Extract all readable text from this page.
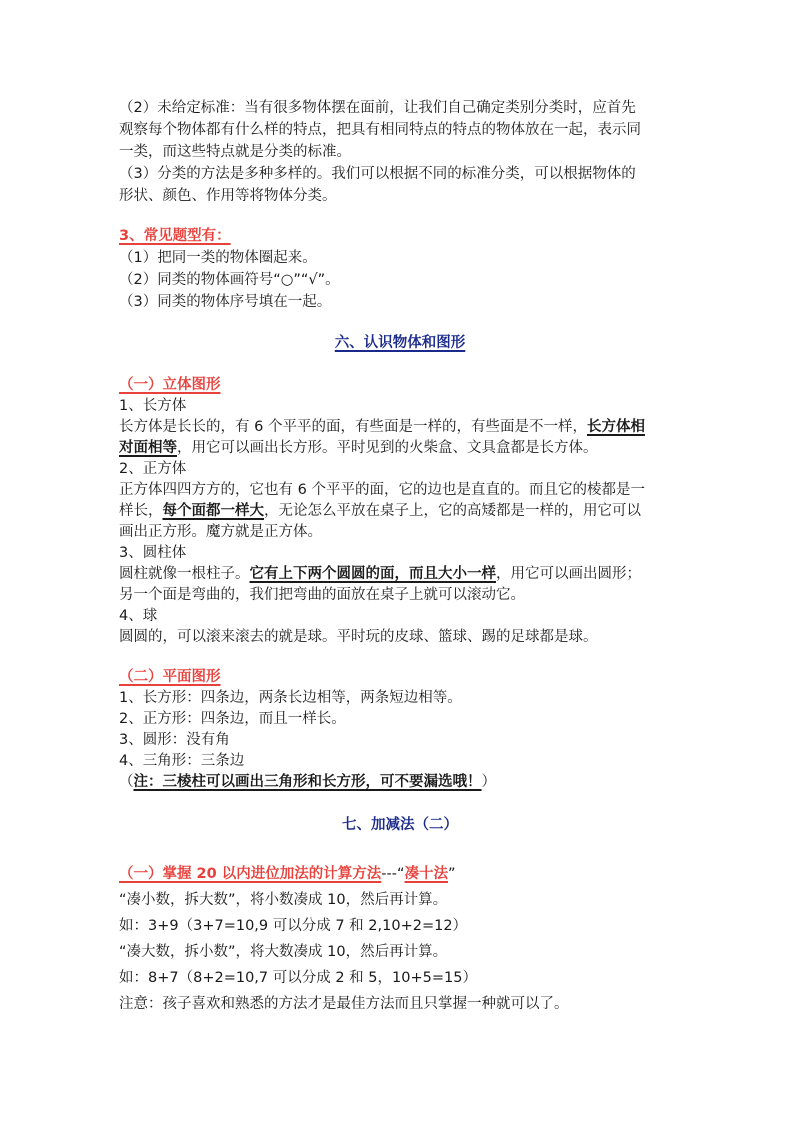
（2）未给定标准：当有很多物体摆在面前，让我们自己确定类别分类时，应首先
观察每个物体都有什么样的特点，把具有相同特点的特点的物体放在一起，表示同
一类，而这些特点就是分类的标准。
（3）分类的方法是多种多样的。我们可以根据不同的标准分类，可以根据物体的
形状、颜色、作用等将物体分类。
3、常见题型有：
（1）把同一类的物体圈起来。
（2）同类的物体画符号“○”“√”。
（3）同类的物体序号填在一起。
六、认识物体和图形
（一）立体图形
1、长方体
长方体是长长的，有 6 个平平的面，有些面是一样的，有些面是不一样，长方体相
对面相等，用它可以画出长方形。平时见到的火柴盒、文具盒都是长方体。
2、正方体
正方体四四方方的，它也有 6 个平平的面，它的边也是直直的。而且它的棱都是一
样长，每个面都一样大，无论怎么平放在桌子上，它的高矮都是一样的，用它可以
画出正方形。魔方就是正方体。
3、圆柱体
圆柱就像一根柱子。它有上下两个圆圆的面，而且大小一样，用它可以画出圆形；
另一个面是弯曲的，我们把弯曲的面放在桌子上就可以滚动它。
4、球
圆圆的，可以滚来滚去的就是球。平时玩的皮球、篮球、踢的足球都是球。
（二）平面图形
1、长方形：四条边，两条长边相等，两条短边相等。
2、正方形：四条边，而且一样长。
3、圆形：没有角
4、三角形：三条边
（注：三棱柱可以画出三角形和长方形，可不要漏选哦！）
七、加减法（二）
（一）掌握 20 以内进位加法的计算方法---“凑十法”
“凑小数，拆大数”，将小数凑成 10，然后再计算。
如：3+9（3+7=10,9 可以分成 7 和 2,10+2=12）
“凑大数，拆小数”，将大数凑成 10，然后再计算。
如：8+7（8+2=10,7 可以分成 2 和 5，10+5=15）
注意：孩子喜欢和熟悉的方法才是最佳方法而且只掌握一种就可以了。
